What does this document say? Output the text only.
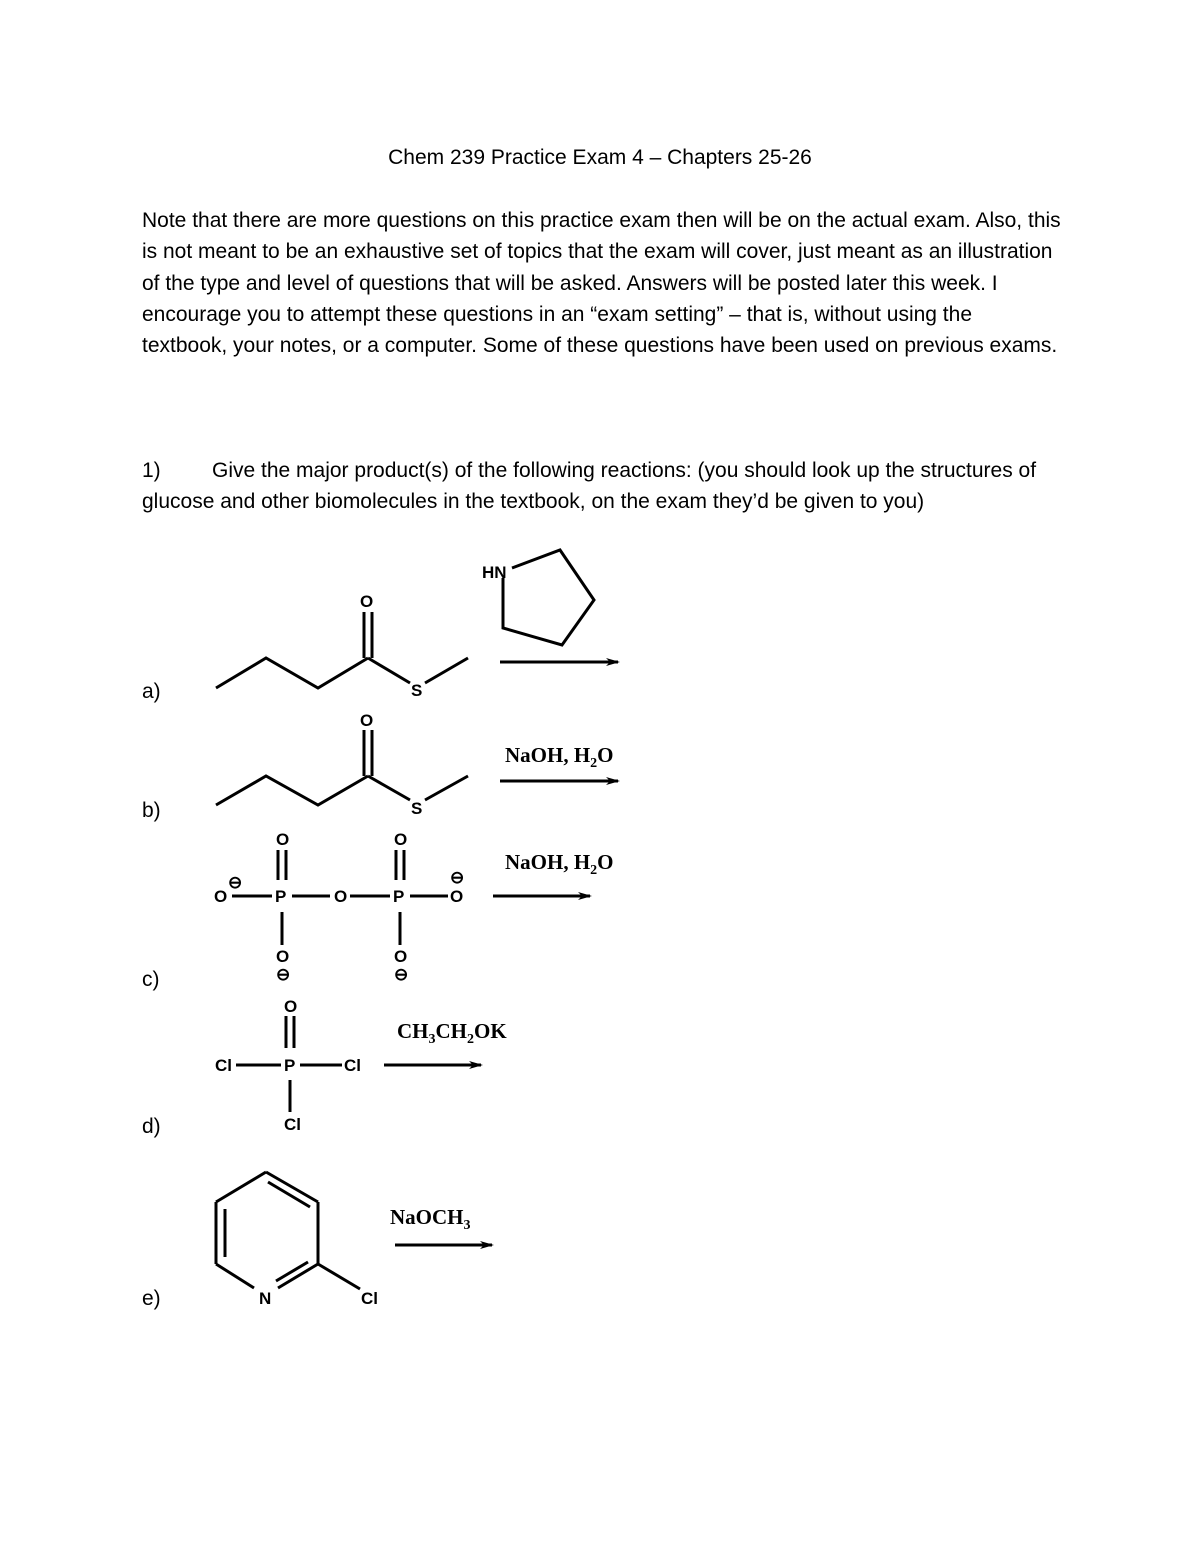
Chem 239 Practice Exam 4 – Chapters 25-26

Note that there are more questions on this practice exam then will be on the actual exam. Also, this is not meant to be an exhaustive set of topics that the exam will cover, just meant as an illustration of the type and level of questions that will be asked. Answers will be posted later this week. I encourage you to attempt these questions in an “exam setting” – that is, without using the textbook, your notes, or a computer. Some of these questions have been used on previous exams.

1) Give the major product(s) of the following reactions: (you should look up the structures of glucose and other biomolecules in the textbook, on the exam they’d be given to you)

a)
b)
c)
d)
e)
O
S
HN
O
S
NaOH, $H_2O$
O	O
O
⊖
P	O	P	O
⊖
O
⊖
O
⊖
NaOH, $H_2O$
O
P
Cl	Cl
Cl
$CH_3CH_2OK$
N	Cl
NaOCH$_3$
